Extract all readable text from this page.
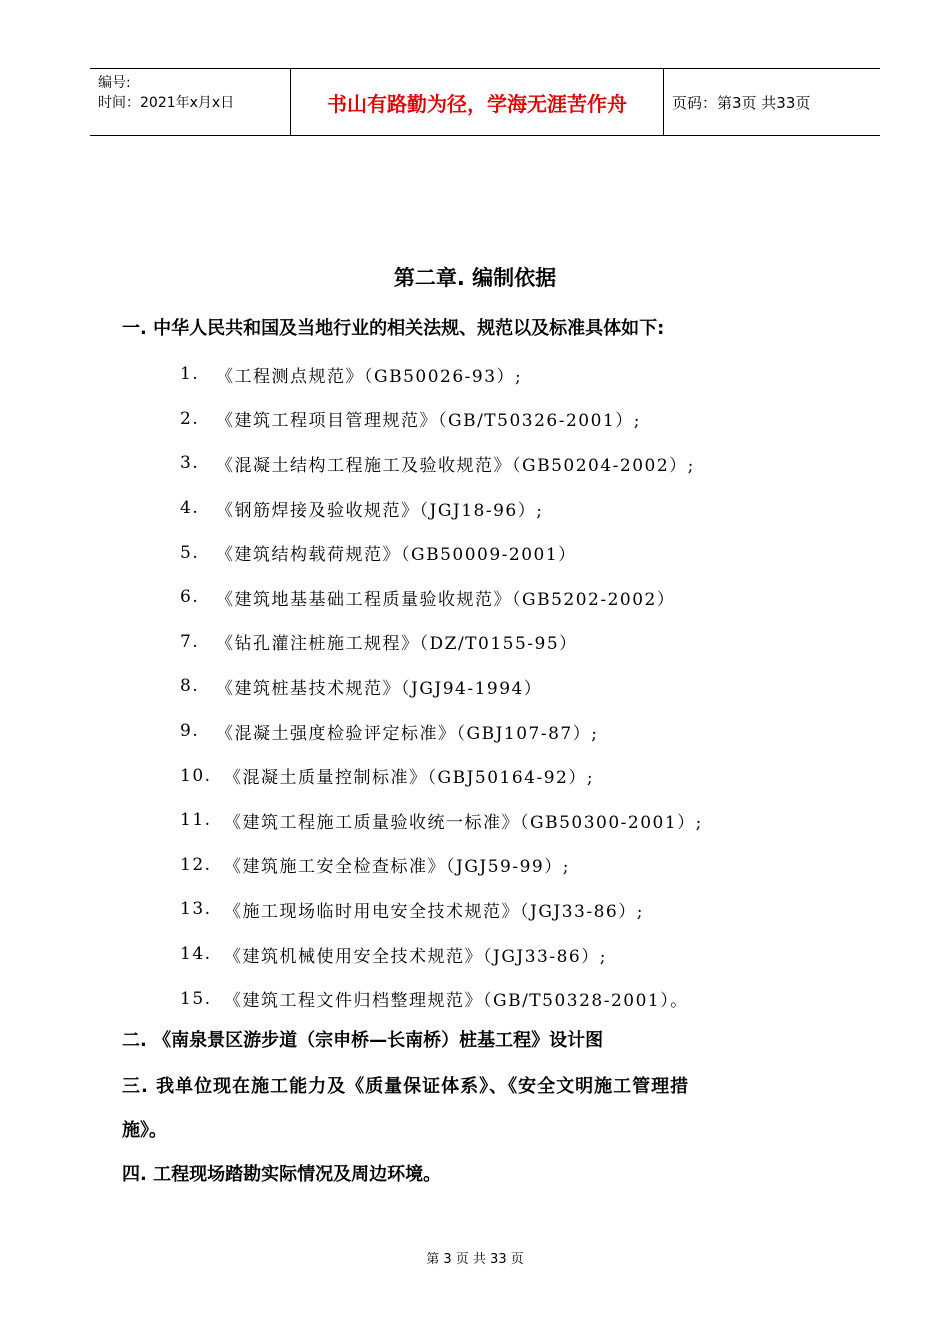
编号:
时间：2021年x月x日	书山有路勤为径，学海无涯苦作舟	页码：第3页 共33页
第二章. 编制依据
一. 中华人民共和国及当地行业的相关法规、规范以及标准具体如下:
1. 《工程测点规范》（GB50026-93）;
2. 《建筑工程项目管理规范》（GB/T50326-2001）;
3. 《混凝土结构工程施工及验收规范》（GB50204-2002）;
4. 《钢筋焊接及验收规范》（JGJ18-96）;
5. 《建筑结构载荷规范》（GB50009-2001）
6. 《建筑地基基础工程质量验收规范》（GB5202-2002）
7. 《钻孔灌注桩施工规程》（DZ/T0155-95）
8. 《建筑桩基技术规范》（JGJ94-1994）
9. 《混凝土强度检验评定标准》（GBJ107-87）;
10. 《混凝土质量控制标准》（GBJ50164-92）;
11. 《建筑工程施工质量验收统一标准》（GB50300-2001）;
12. 《建筑施工安全检查标准》（JGJ59-99）;
13. 《施工现场临时用电安全技术规范》（JGJ33-86）;
14. 《建筑机械使用安全技术规范》（JGJ33-86）;
15. 《建筑工程文件归档整理规范》（GB/T50328-2001）。
二. 《南泉景区游步道（宗申桥—长南桥）桩基工程》设计图
三. 我单位现在施工能力及《质量保证体系》、《安全文明施工管理措
施》。
四. 工程现场踏勘实际情况及周边环境。
第 3 页 共 33 页
